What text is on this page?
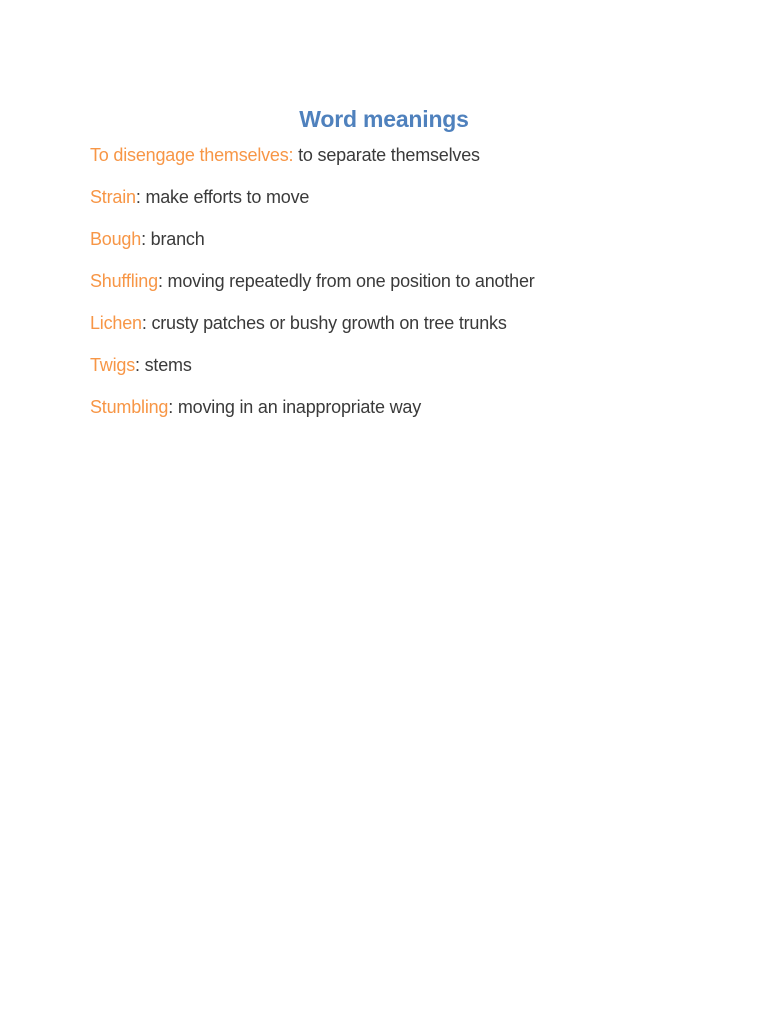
Word meanings
To disengage themselves: to separate themselves
Strain: make efforts to move
Bough: branch
Shuffling: moving repeatedly from one position to another
Lichen: crusty patches or bushy growth on tree trunks
Twigs: stems
Stumbling: moving in an inappropriate way
